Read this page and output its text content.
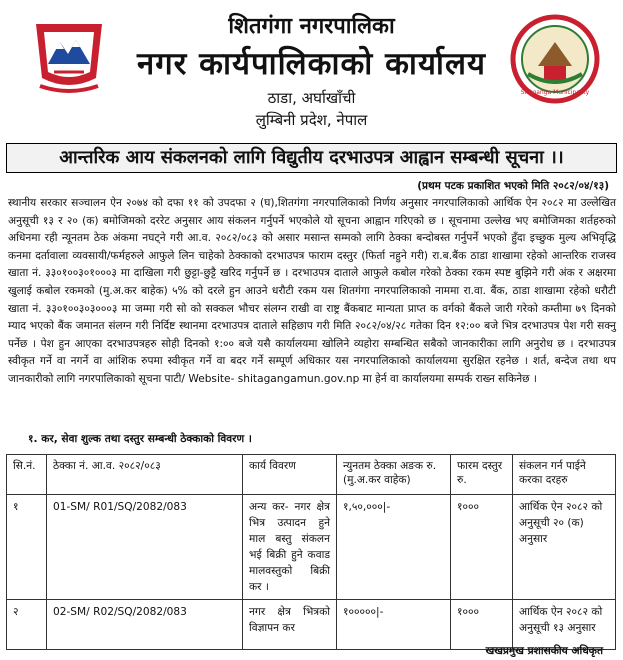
शितगंगा नगरपालिका
नगर कार्यपालिकाको कार्यालय
ठाडा, अर्घाखाँची
लुम्बिनी प्रदेश, नेपाल
Shitganga Municipality
आन्तरिक आय संकलनको लागि विद्युतीय दरभाउपत्र आह्वान सम्बन्धी सूचना ।।
(प्रथम पटक प्रकाशित भएको मिति २०८२/०४/१३)

स्थानीय सरकार सञ्चालन ऐन २०७४ को दफा ११ को उपदफा २ (घ),शितगंगा नगरपालिकाको निर्णय अनुसार नगरपालिकाको आर्थिक ऐन २०८२ मा उल्लेखित अनुसूची १३ र २० (क) बमोजिमको दररेट अनुसार आय संकलन गर्नुपर्ने भएकोले यो सूचना आह्वान गरिएको छ । सूचनामा उल्लेख भए बमोजिमका शर्तहरुको अधिनमा रही न्यूनतम ठेक अंकमा नघट्ने गरी आ.व. २०८२/०८३ को असार मसान्त सम्मको लागि ठेक्का बन्दोबस्त गर्नुपर्ने भएको हुँदा इच्छुक मुल्य अभिवृद्धि कनमा दर्तावाला व्यवसायी/फर्महरुले आफुले लिन चाहेको ठेक्काको दरभाउपत्र फाराम दस्तुर (फिर्ता नहुने गरी) रा.ब.बैंक ठाडा शाखामा रहेको आन्तरिक राजस्व खाता नं. ३३०१००३०१०००३ मा दाखिला गरी छुट्टा-छुट्टै खरिद गर्नुपर्ने छ । दरभाउपत्र दाताले आफुले कबोल गरेको ठेक्का रकम स्पष्ट बुझिने गरी अंक र अक्षरमा खुलाई कबोल रकमको (मु.अ.कर बाहेक) ५% को दरले हुन आउने धरौटी रकम यस शितगंगा नगरपालिकाको नाममा रा.वा. बैंक, ठाडा शाखामा रहेको धरौटी खाता नं. ३३०१००३०३०००३ मा जम्मा गरी सो को सक्कल भौचर संलग्न राखी वा राष्ट्र बैंकबाट मान्यता प्राप्त क वर्गको बैंकले जारी गरेको कम्तीमा ७९ दिनको म्याद भएको बैंक जमानत संलग्न गरी निर्दिष्ट स्थानमा दरभाउपत्र दाताले सहिछाप गरी मिति २०८२/०४/२८ गतेका दिन १२:०० बजे भित्र दरभाउपत्र पेश गरी सक्नु पर्नेछ । पेश हुन आएका दरभाउपत्रहरु सोही दिनको १:०० बजे यसै कार्यालयमा खोलिने व्यहोरा सम्बन्धित सबैको जानकारीका लागि अनुरोध छ । दरभाउपत्र स्वीकृत गर्ने वा नगर्ने वा आंशिक रुपमा स्वीकृत गर्ने वा बदर गर्ने सम्पूर्ण अधिकार यस नगरपालिकाको कार्यालयमा सुरक्षित रहनेछ । शर्त, बन्देज तथा थप जानकारीको लागि नगरपालिकाको सूचना पाटी/ Website- shitagangamun.gov.np मा हेर्न वा कार्यालयमा सम्पर्क राख्न सकिनेछ ।

१. कर, सेवा शुल्क तथा दस्तुर सम्बन्धी ठेक्काको विवरण ।
सि.नं.	ठेक्का नं. आ.व. २०८२/०८३	कार्य विवरण	न्युनतम ठेक्का अङक रु.(मु.अ.कर वाहेक)	फारम दस्तुर रु.	संकलन गर्न पाईने करका दरहरु
१	01-SM/ R01/SQ/2082/083	अन्य कर- नगर क्षेत्र भित्र उत्पादन हुने माल बस्तु संकलन भई बिक्री हुने कवाड मालवस्तुको बिक्री कर ।	१,५०,०००|-	१०००	आर्थिक ऐन २०८२ को अनुसूची २० (क) अनुसार
२	02-SM/ R02/SQ/2082/083	नगर क्षेत्र भित्रको विज्ञापन कर	१०००००|-	१०००	आर्थिक ऐन २०८२ को अनुसूची १३ अनुसार
खखप्रमुख प्रशासकीय अधिकृत
